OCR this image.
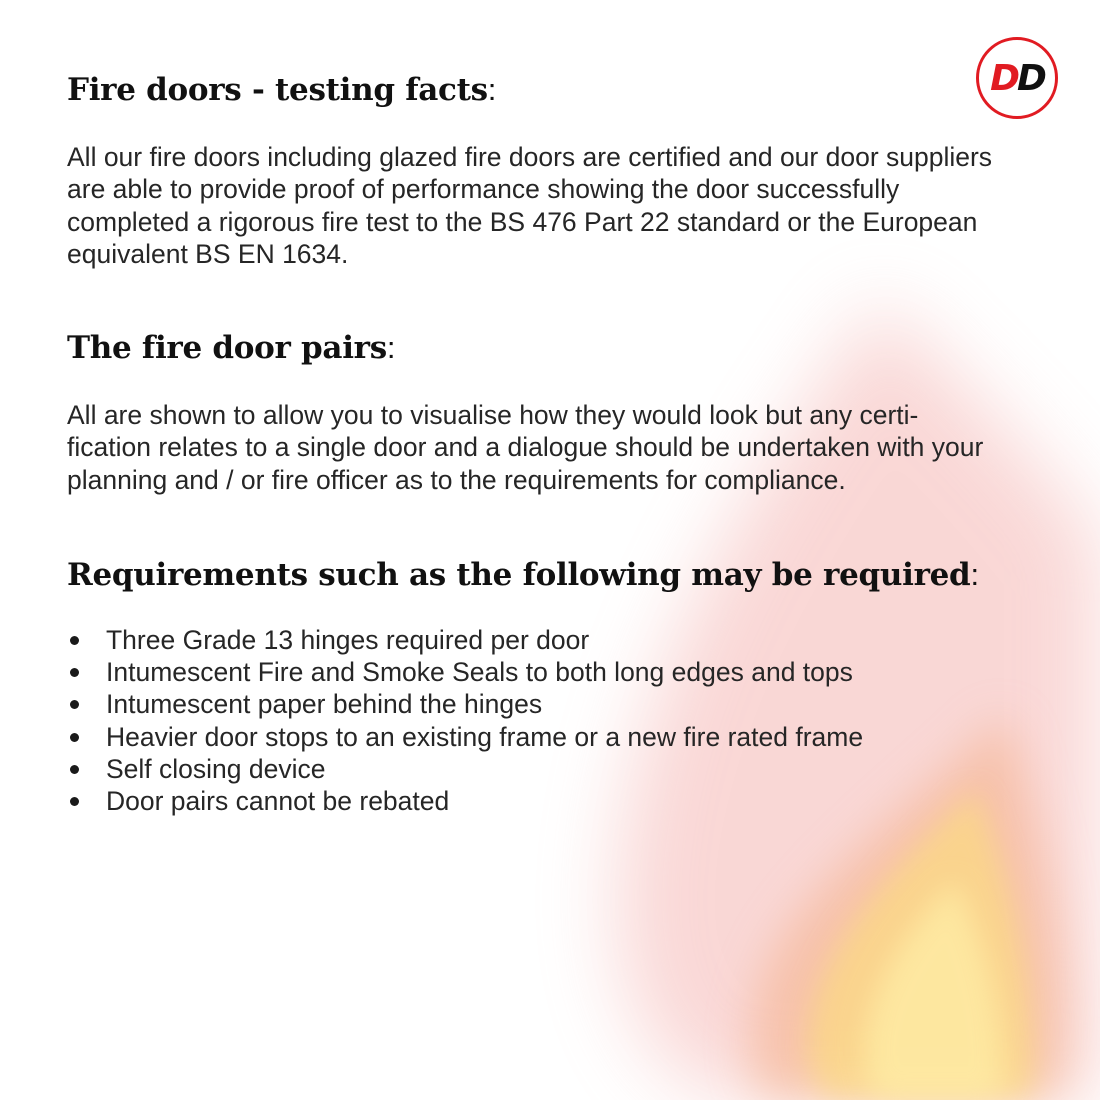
D D
Fire doors - testing facts:

All our fire doors including glazed fire doors are certified and our door suppliers are able to provide proof of performance showing the door successfully completed a rigorous fire test to the BS 476 Part 22 standard or the European equivalent BS EN 1634.

The fire door pairs:

All are shown to allow you to visualise how they would look but any certi- fication relates to a single door and a dialogue should be undertaken with your planning and / or fire officer as to the requirements for compliance.

Requirements such as the following may be required:
Three Grade 13 hinges required per door
Intumescent Fire and Smoke Seals to both long edges and tops
Intumescent paper behind the hinges
Heavier door stops to an existing frame or a new fire rated frame
Self closing device
Door pairs cannot be rebated
